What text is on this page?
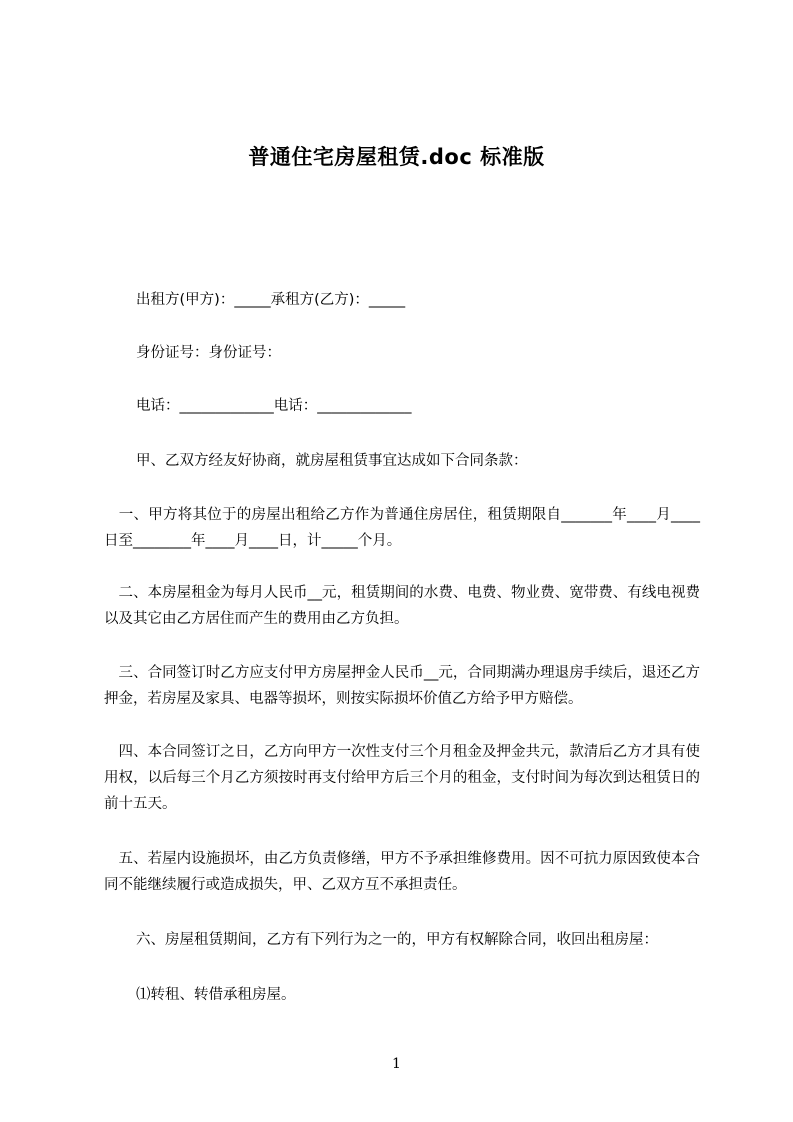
普通住宅房屋租赁.doc 标准版
出租方(甲方)：_____承租方(乙方)：_____
身份证号：身份证号：
电话：_____________电话：_____________
甲、乙双方经友好协商，就房屋租赁事宜达成如下合同条款：
　一、甲方将其位于的房屋出租给乙方作为普通住房居住，租赁期限自_______年____月____日至________年____月____日，计_____个月。
　二、本房屋租金为每月人民币__元，租赁期间的水费、电费、物业费、宽带费、有线电视费以及其它由乙方居住而产生的费用由乙方负担。
　三、合同签订时乙方应支付甲方房屋押金人民币__元，合同期满办理退房手续后，退还乙方押金，若房屋及家具、电器等损坏，则按实际损坏价值乙方给予甲方赔偿。
　四、本合同签订之日，乙方向甲方一次性支付三个月租金及押金共元，款清后乙方才具有使用权，以后每三个月乙方须按时再支付给甲方后三个月的租金，支付时间为每次到达租赁日的前十五天。
　五、若屋内设施损坏，由乙方负责修缮，甲方不予承担维修费用。因不可抗力原因致使本合同不能继续履行或造成损失，甲、乙双方互不承担责任。
六、房屋租赁期间，乙方有下列行为之一的，甲方有权解除合同，收回出租房屋：
⑴转租、转借承租房屋。
1
